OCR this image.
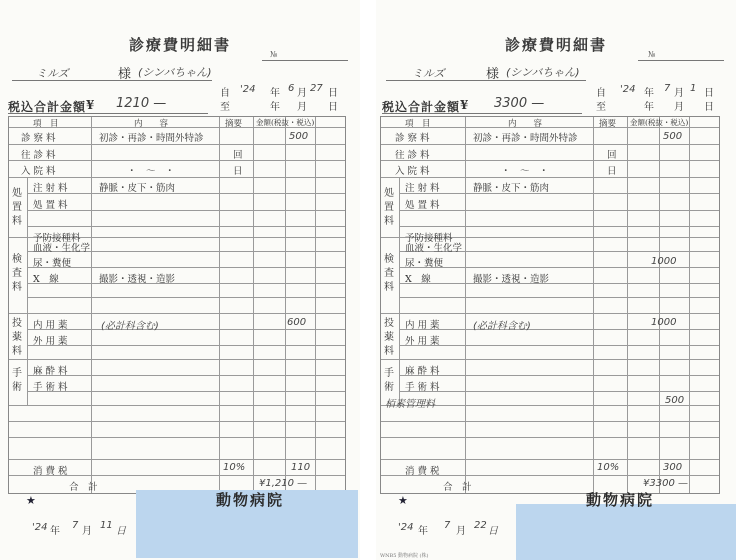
診療費明細書
№
ミルズ	様 (シンバちゃん)
自 '24 年 6 月 27 日
至	年 月 日
税込合計金額 ¥ 1210 —
項　目	内　　容	摘要 金額(税抜・税込)
診 察 料	初診・再診・時間外特診	500
往 診 料	回
入 院 料	・　～　・	日
処置料
注 射 料	静脈・皮下・筋肉
処 置 料
予防接種料
検査料
血液・生化学
尿・糞便
X　線	撮影・透視・造影
投薬料
内 用 薬	(必計科含む)	600
外 用 薬
手術
麻 酔 料
手 術 料
消 費 税	10%	110
合　計	¥1,210 —
★	動物病院
'24 年
7
月
11
日
診療費明細書
№
ミルズ	様 (シンバちゃん)
自 '24 年 7 月 1 日
至	年 月 日
税込合計金額 ¥ 3300 —
項　目	内　　容	摘要 金額(税抜・税込)
診 察 料	初診・再診・時間外特診	500
往 診 料	回
入 院 料	・　～　・	日
処置料
注 射 料	静脈・皮下・筋肉
処 置 料
予防接種料
検査料
血液・生化学
尿・糞便	1000
X　線	撮影・透視・造影
投薬料
内 用 薬	(必計科含む)	1000
外 用 薬
手術
麻 酔 料
手 術 料
栢素管理料	500
消 費 税	10%	300
合　計	¥3300 —
★	動物病院
'24 年
7
月
22
日
WNB5 動物病院 (株)
